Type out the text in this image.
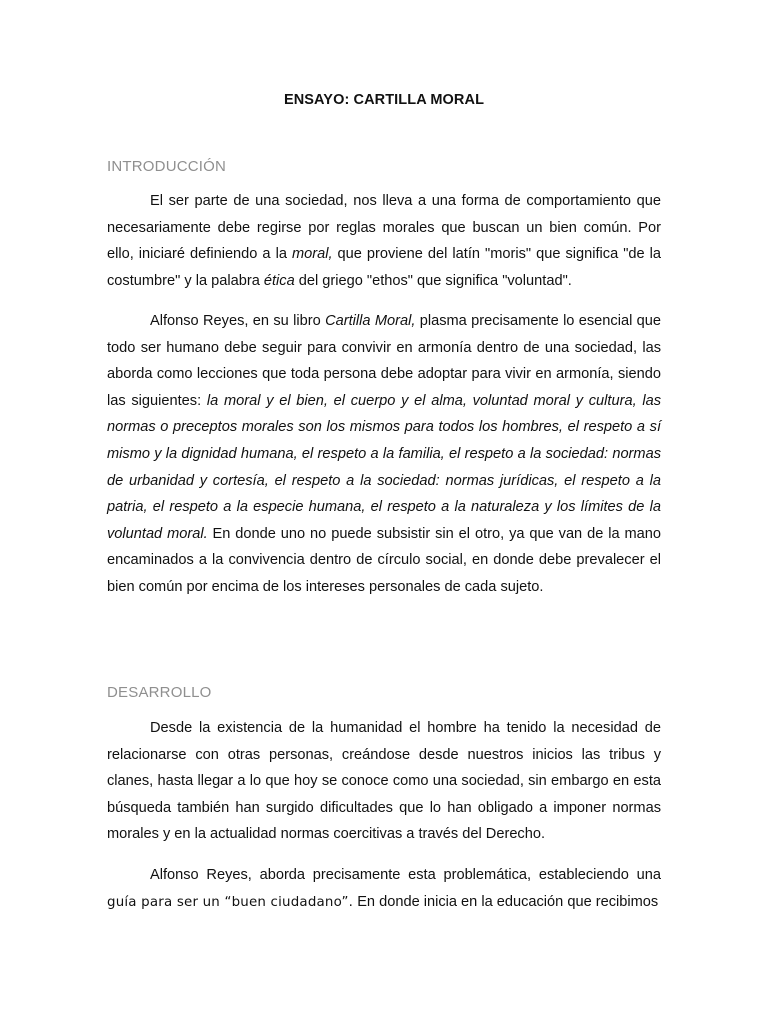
ENSAYO: CARTILLA MORAL
INTRODUCCIÓN

El ser parte de una sociedad, nos lleva a una forma de comportamiento que necesariamente debe regirse por reglas morales que buscan un bien común. Por ello, iniciaré definiendo a la moral, que proviene del latín "moris" que significa "de la costumbre" y la palabra ética del griego "ethos" que significa "voluntad".

Alfonso Reyes, en su libro Cartilla Moral, plasma precisamente lo esencial que todo ser humano debe seguir para convivir en armonía dentro de una sociedad, las aborda como lecciones que toda persona debe adoptar para vivir en armonía, siendo las siguientes: la moral y el bien, el cuerpo y el alma, voluntad moral y cultura, las normas o preceptos morales son los mismos para todos los hombres, el respeto a sí mismo y la dignidad humana, el respeto a la familia, el respeto a la sociedad: normas de urbanidad y cortesía, el respeto a la sociedad: normas jurídicas, el respeto a la patria, el respeto a la especie humana, el respeto a la naturaleza y los límites de la voluntad moral. En donde uno no puede subsistir sin el otro, ya que van de la mano encaminados a la convivencia dentro de círculo social, en donde debe prevalecer el bien común por encima de los intereses personales de cada sujeto.

DESARROLLO

Desde la existencia de la humanidad el hombre ha tenido la necesidad de relacionarse con otras personas, creándose desde nuestros inicios las tribus y clanes, hasta llegar a lo que hoy se conoce como una sociedad, sin embargo en esta búsqueda también han surgido dificultades que lo han obligado a imponer normas morales y en la actualidad normas coercitivas a través del Derecho.

Alfonso Reyes, aborda precisamente esta problemática, estableciendo una guía para ser un “buen ciudadano”. En donde inicia en la educación que recibimos
